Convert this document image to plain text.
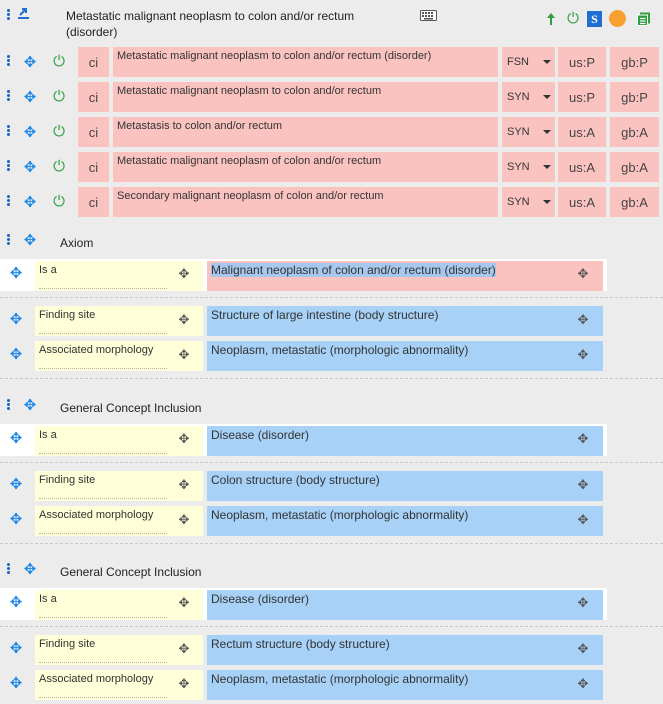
Metastatic malignant neoplasm to colon and/or rectum (disorder)
⏻	S
✥ ⏻	ci	Metastatic malignant neoplasm to colon and/or rectum (disorder)	FSN	us:P	gb:P
✥ ⏻	ci	Metastatic malignant neoplasm to colon and/or rectum	SYN	us:P	gb:P
✥ ⏻	ci	Metastasis to colon and/or rectum	SYN	us:A	gb:A
✥ ⏻	ci	Metastatic malignant neoplasm of colon and/or rectum	SYN	us:A	gb:A
✥ ⏻	ci	Secondary malignant neoplasm of colon and/or rectum	SYN	us:A	gb:A
✥ Axiom
✥	Is a	✥	Malignant neoplasm of colon and/or rectum (disorder)	✥
✥	Finding site	✥	Structure of large intestine (body structure)	✥
✥	Associated morphology	✥	Neoplasm, metastatic (morphologic abnormality)	✥
✥ General Concept Inclusion
✥	Is a	✥	Disease (disorder)	✥
✥	Finding site	✥	Colon structure (body structure)	✥
✥	Associated morphology	✥	Neoplasm, metastatic (morphologic abnormality)	✥
✥ General Concept Inclusion
✥	Is a	✥	Disease (disorder)	✥
✥	Finding site	✥	Rectum structure (body structure)	✥
✥	Associated morphology	✥	Neoplasm, metastatic (morphologic abnormality)	✥
